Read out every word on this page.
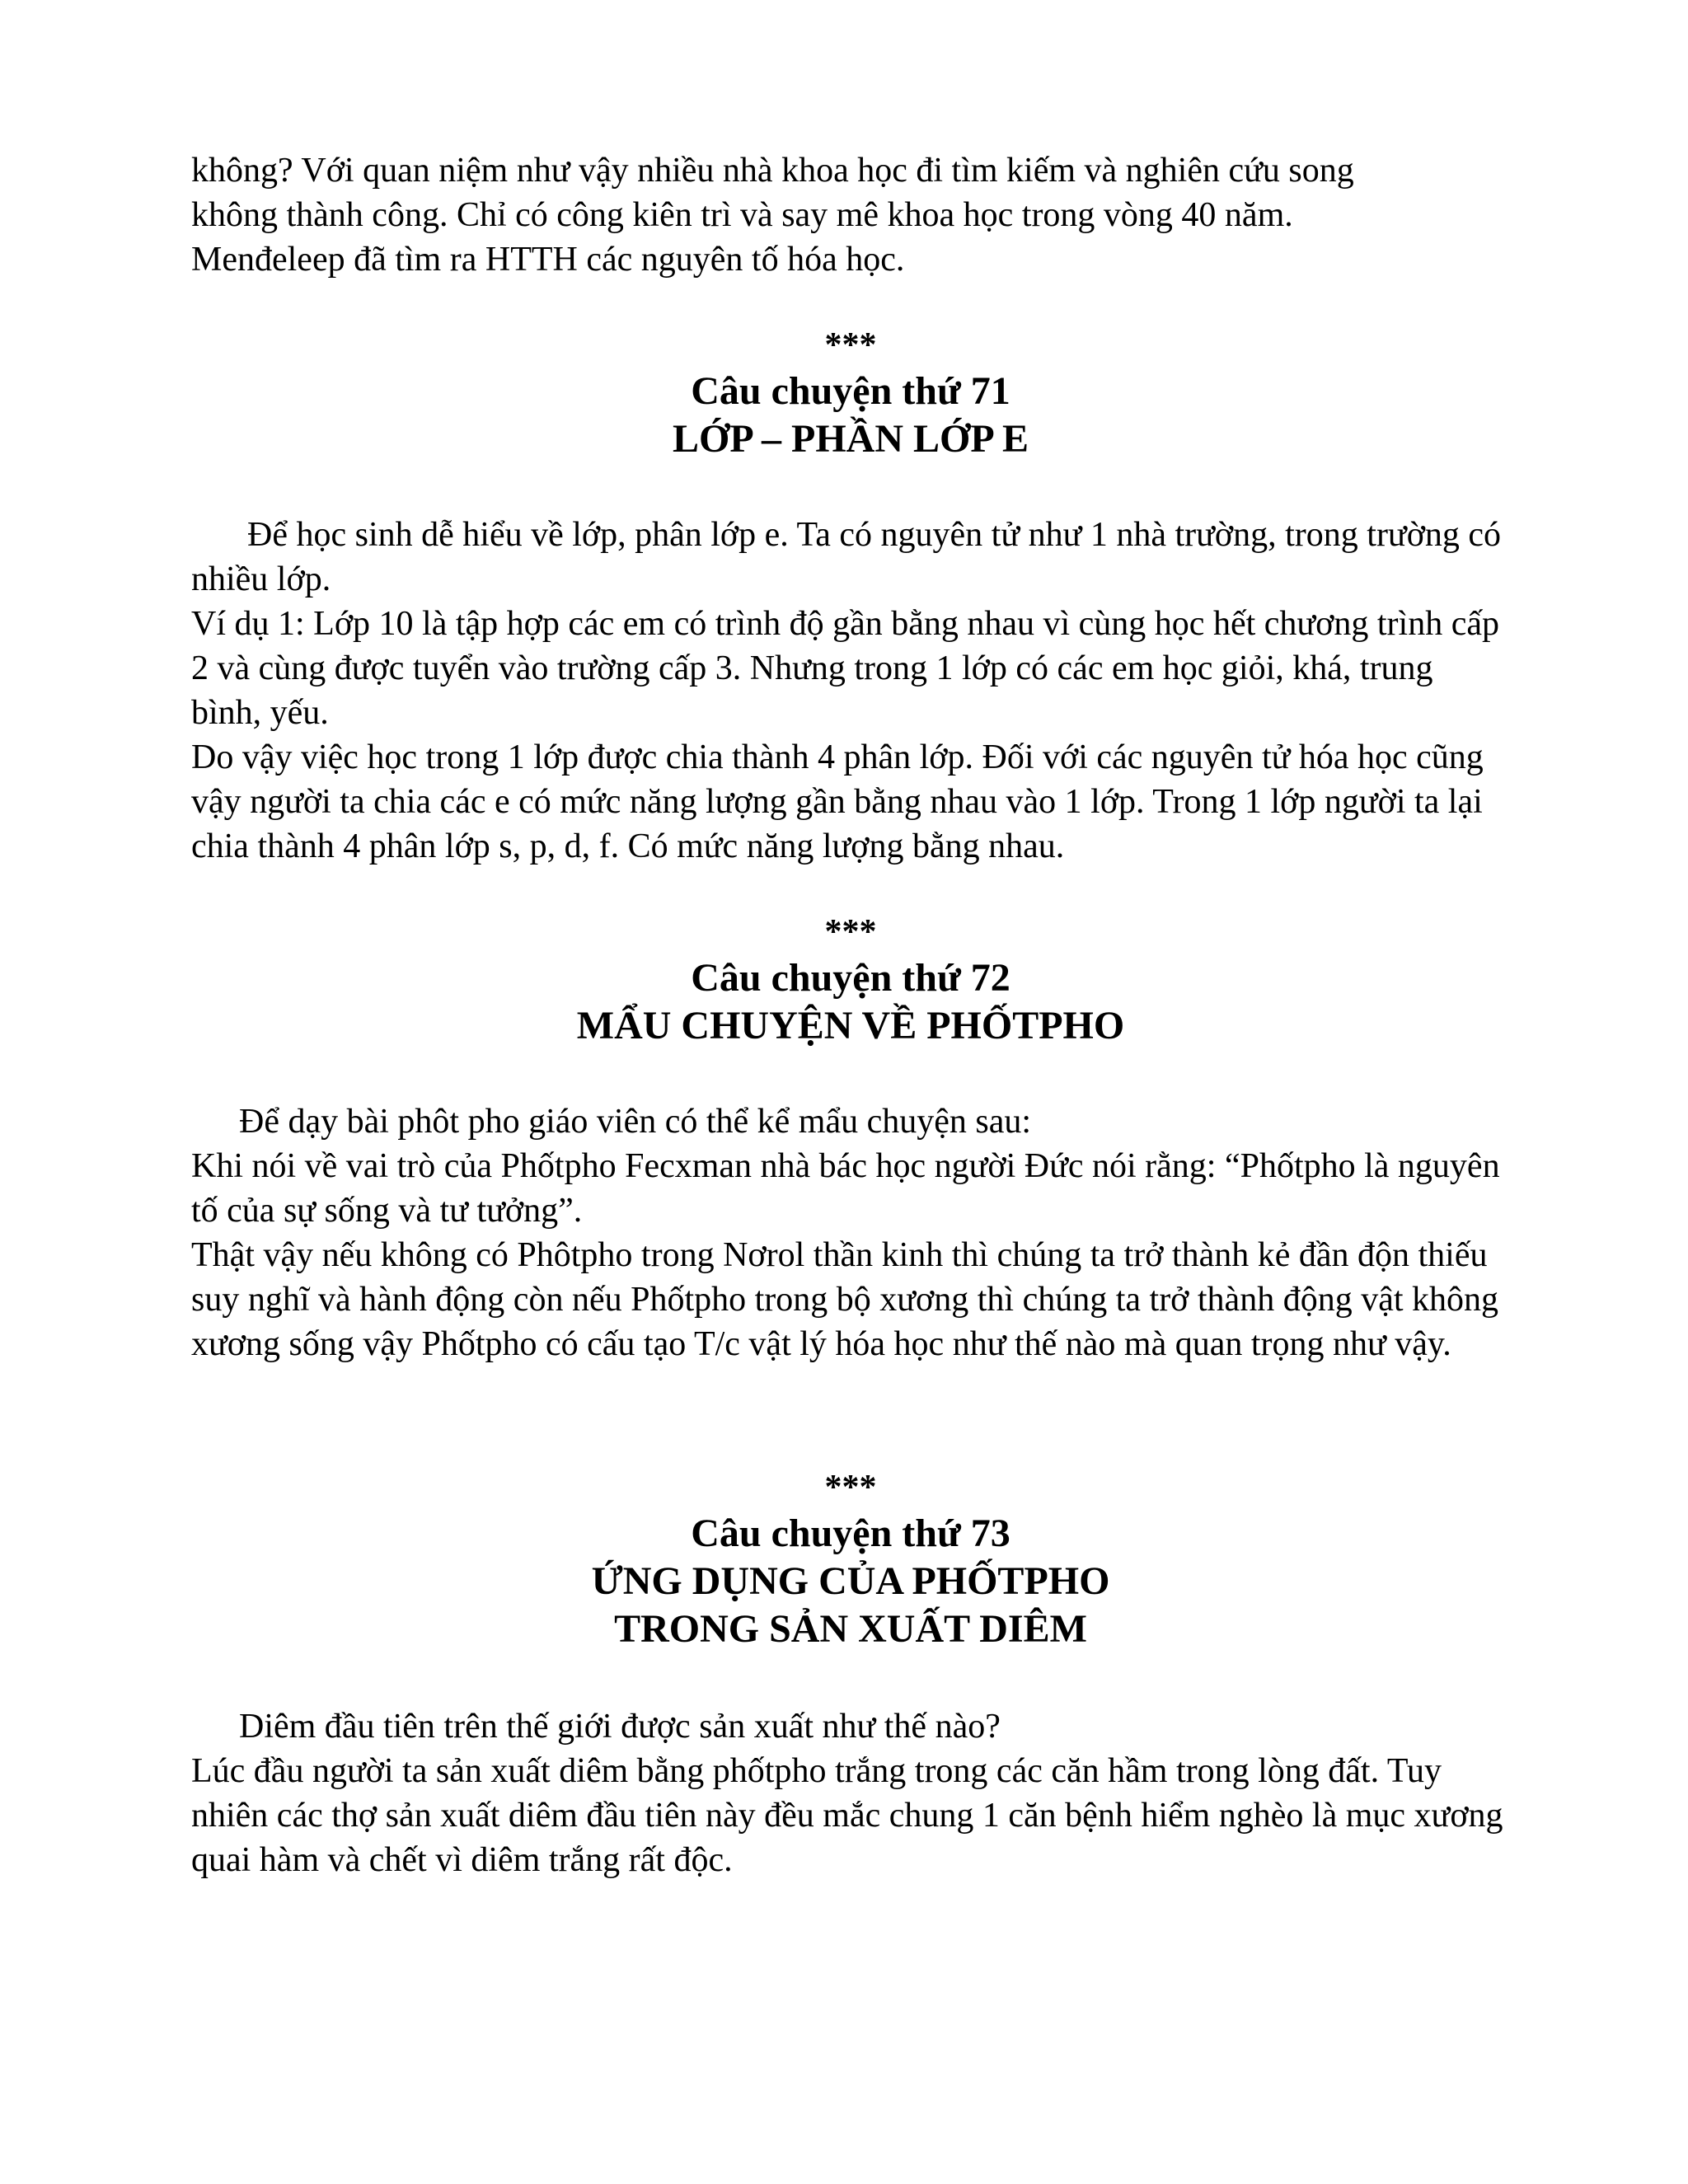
không? Với quan niệm như vậy nhiều nhà khoa học đi tìm kiếm và nghiên cứu song
không thành công. Chỉ có công kiên trì và say mê khoa học trong vòng 40 năm.
Menđeleep đã tìm ra HTTH các nguyên tố hóa học.

***

Câu chuyện thứ 71

LỚP – PHẦN LỚP E

Để học sinh dễ hiểu về lớp, phân lớp e. Ta có nguyên tử như 1 nhà trường, trong trường có nhiều lớp.

Ví dụ 1: Lớp 10 là tập hợp các em có trình độ gần bằng nhau vì cùng học hết chương trình cấp 2 và cùng được tuyển vào trường cấp 3. Nhưng trong 1 lớp có các em học giỏi, khá, trung bình, yếu.

Do vậy việc học trong 1 lớp được chia thành 4 phân lớp. Đối với các nguyên tử hóa học cũng vậy người ta chia các e có mức năng lượng gần bằng nhau vào 1 lớp. Trong 1 lớp người ta lại chia thành 4 phân lớp s, p, d, f. Có mức năng lượng bằng nhau.

***

Câu chuyện thứ 72

MẨU CHUYỆN VỀ PHỐTPHO

Để dạy bài phôt pho giáo viên có thể kể mẩu chuyện sau:

Khi nói về vai trò của Phốtpho Fecxman nhà bác học người Đức nói rằng: “Phốtpho là nguyên tố của sự sống và tư tưởng”.

Thật vậy nếu không có Phôtpho trong Nơrol thần kinh thì chúng ta trở thành kẻ đần độn thiếu suy nghĩ và hành động còn nếu Phốtpho trong bộ xương thì chúng ta trở thành động vật không xương sống vậy Phốtpho có cấu tạo T/c vật lý hóa học như thế nào mà quan trọng như vậy.

***

Câu chuyện thứ 73

ỨNG DỤNG CỦA PHỐTPHO

TRONG SẢN XUẤT DIÊM

Diêm đầu tiên trên thế giới được sản xuất như thế nào?

Lúc đầu người ta sản xuất diêm bằng phốtpho trắng trong các căn hầm trong lòng đất. Tuy nhiên các thợ sản xuất diêm đầu tiên này đều mắc chung 1 căn bệnh hiểm nghèo là mục xương quai hàm và chết vì diêm trắng rất độc.
